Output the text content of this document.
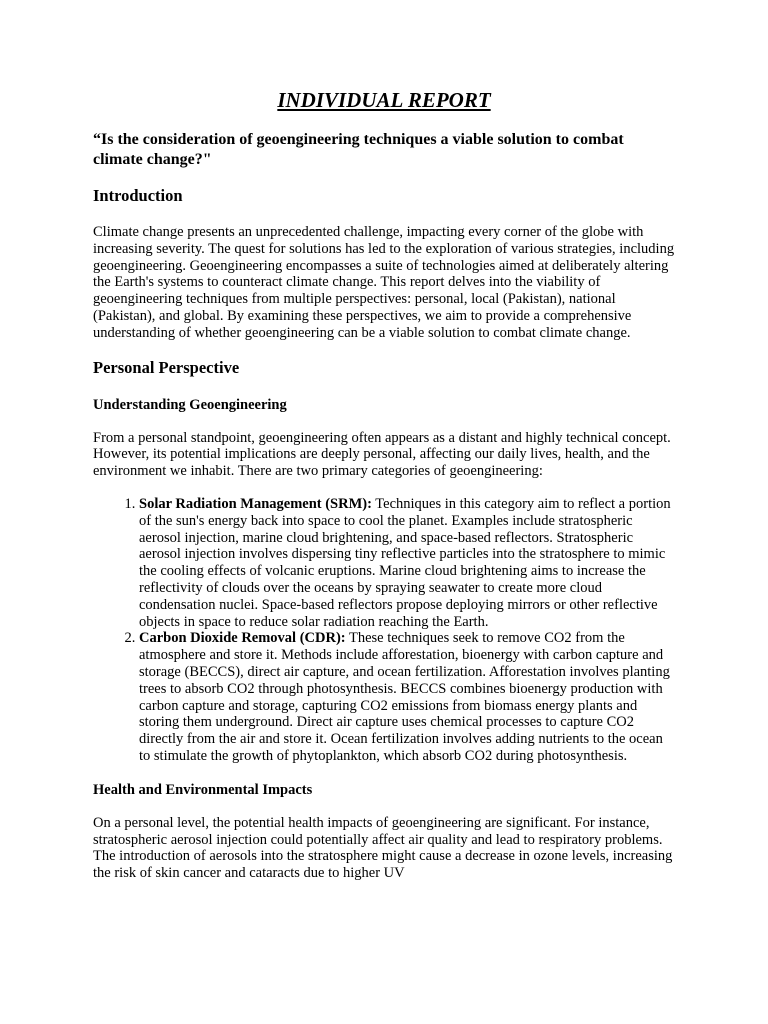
INDIVIDUAL REPORT
“Is the consideration of geoengineering techniques a viable solution to combat climate change?"
Introduction

Climate change presents an unprecedented challenge, impacting every corner of the globe with increasing severity. The quest for solutions has led to the exploration of various strategies, including geoengineering. Geoengineering encompasses a suite of technologies aimed at deliberately altering the Earth's systems to counteract climate change. This report delves into the viability of geoengineering techniques from multiple perspectives: personal, local (Pakistan), national (Pakistan), and global. By examining these perspectives, we aim to provide a comprehensive understanding of whether geoengineering can be a viable solution to combat climate change.

Personal Perspective
Understanding Geoengineering

From a personal standpoint, geoengineering often appears as a distant and highly technical concept. However, its potential implications are deeply personal, affecting our daily lives, health, and the environment we inhabit. There are two primary categories of geoengineering:

1. Solar Radiation Management (SRM): Techniques in this category aim to reflect a portion of the sun's energy back into space to cool the planet. Examples include stratospheric aerosol injection, marine cloud brightening, and space-based reflectors. Stratospheric aerosol injection involves dispersing tiny reflective particles into the stratosphere to mimic the cooling effects of volcanic eruptions. Marine cloud brightening aims to increase the reflectivity of clouds over the oceans by spraying seawater to create more cloud condensation nuclei. Space-based reflectors propose deploying mirrors or other reflective objects in space to reduce solar radiation reaching the Earth.
2. Carbon Dioxide Removal (CDR): These techniques seek to remove CO2 from the atmosphere and store it. Methods include afforestation, bioenergy with carbon capture and storage (BECCS), direct air capture, and ocean fertilization. Afforestation involves planting trees to absorb CO2 through photosynthesis. BECCS combines bioenergy production with carbon capture and storage, capturing CO2 emissions from biomass energy plants and storing them underground. Direct air capture uses chemical processes to capture CO2 directly from the air and store it. Ocean fertilization involves adding nutrients to the ocean to stimulate the growth of phytoplankton, which absorb CO2 during photosynthesis.
Health and Environmental Impacts

On a personal level, the potential health impacts of geoengineering are significant. For instance, stratospheric aerosol injection could potentially affect air quality and lead to respiratory problems. The introduction of aerosols into the stratosphere might cause a decrease in ozone levels, increasing the risk of skin cancer and cataracts due to higher UV
